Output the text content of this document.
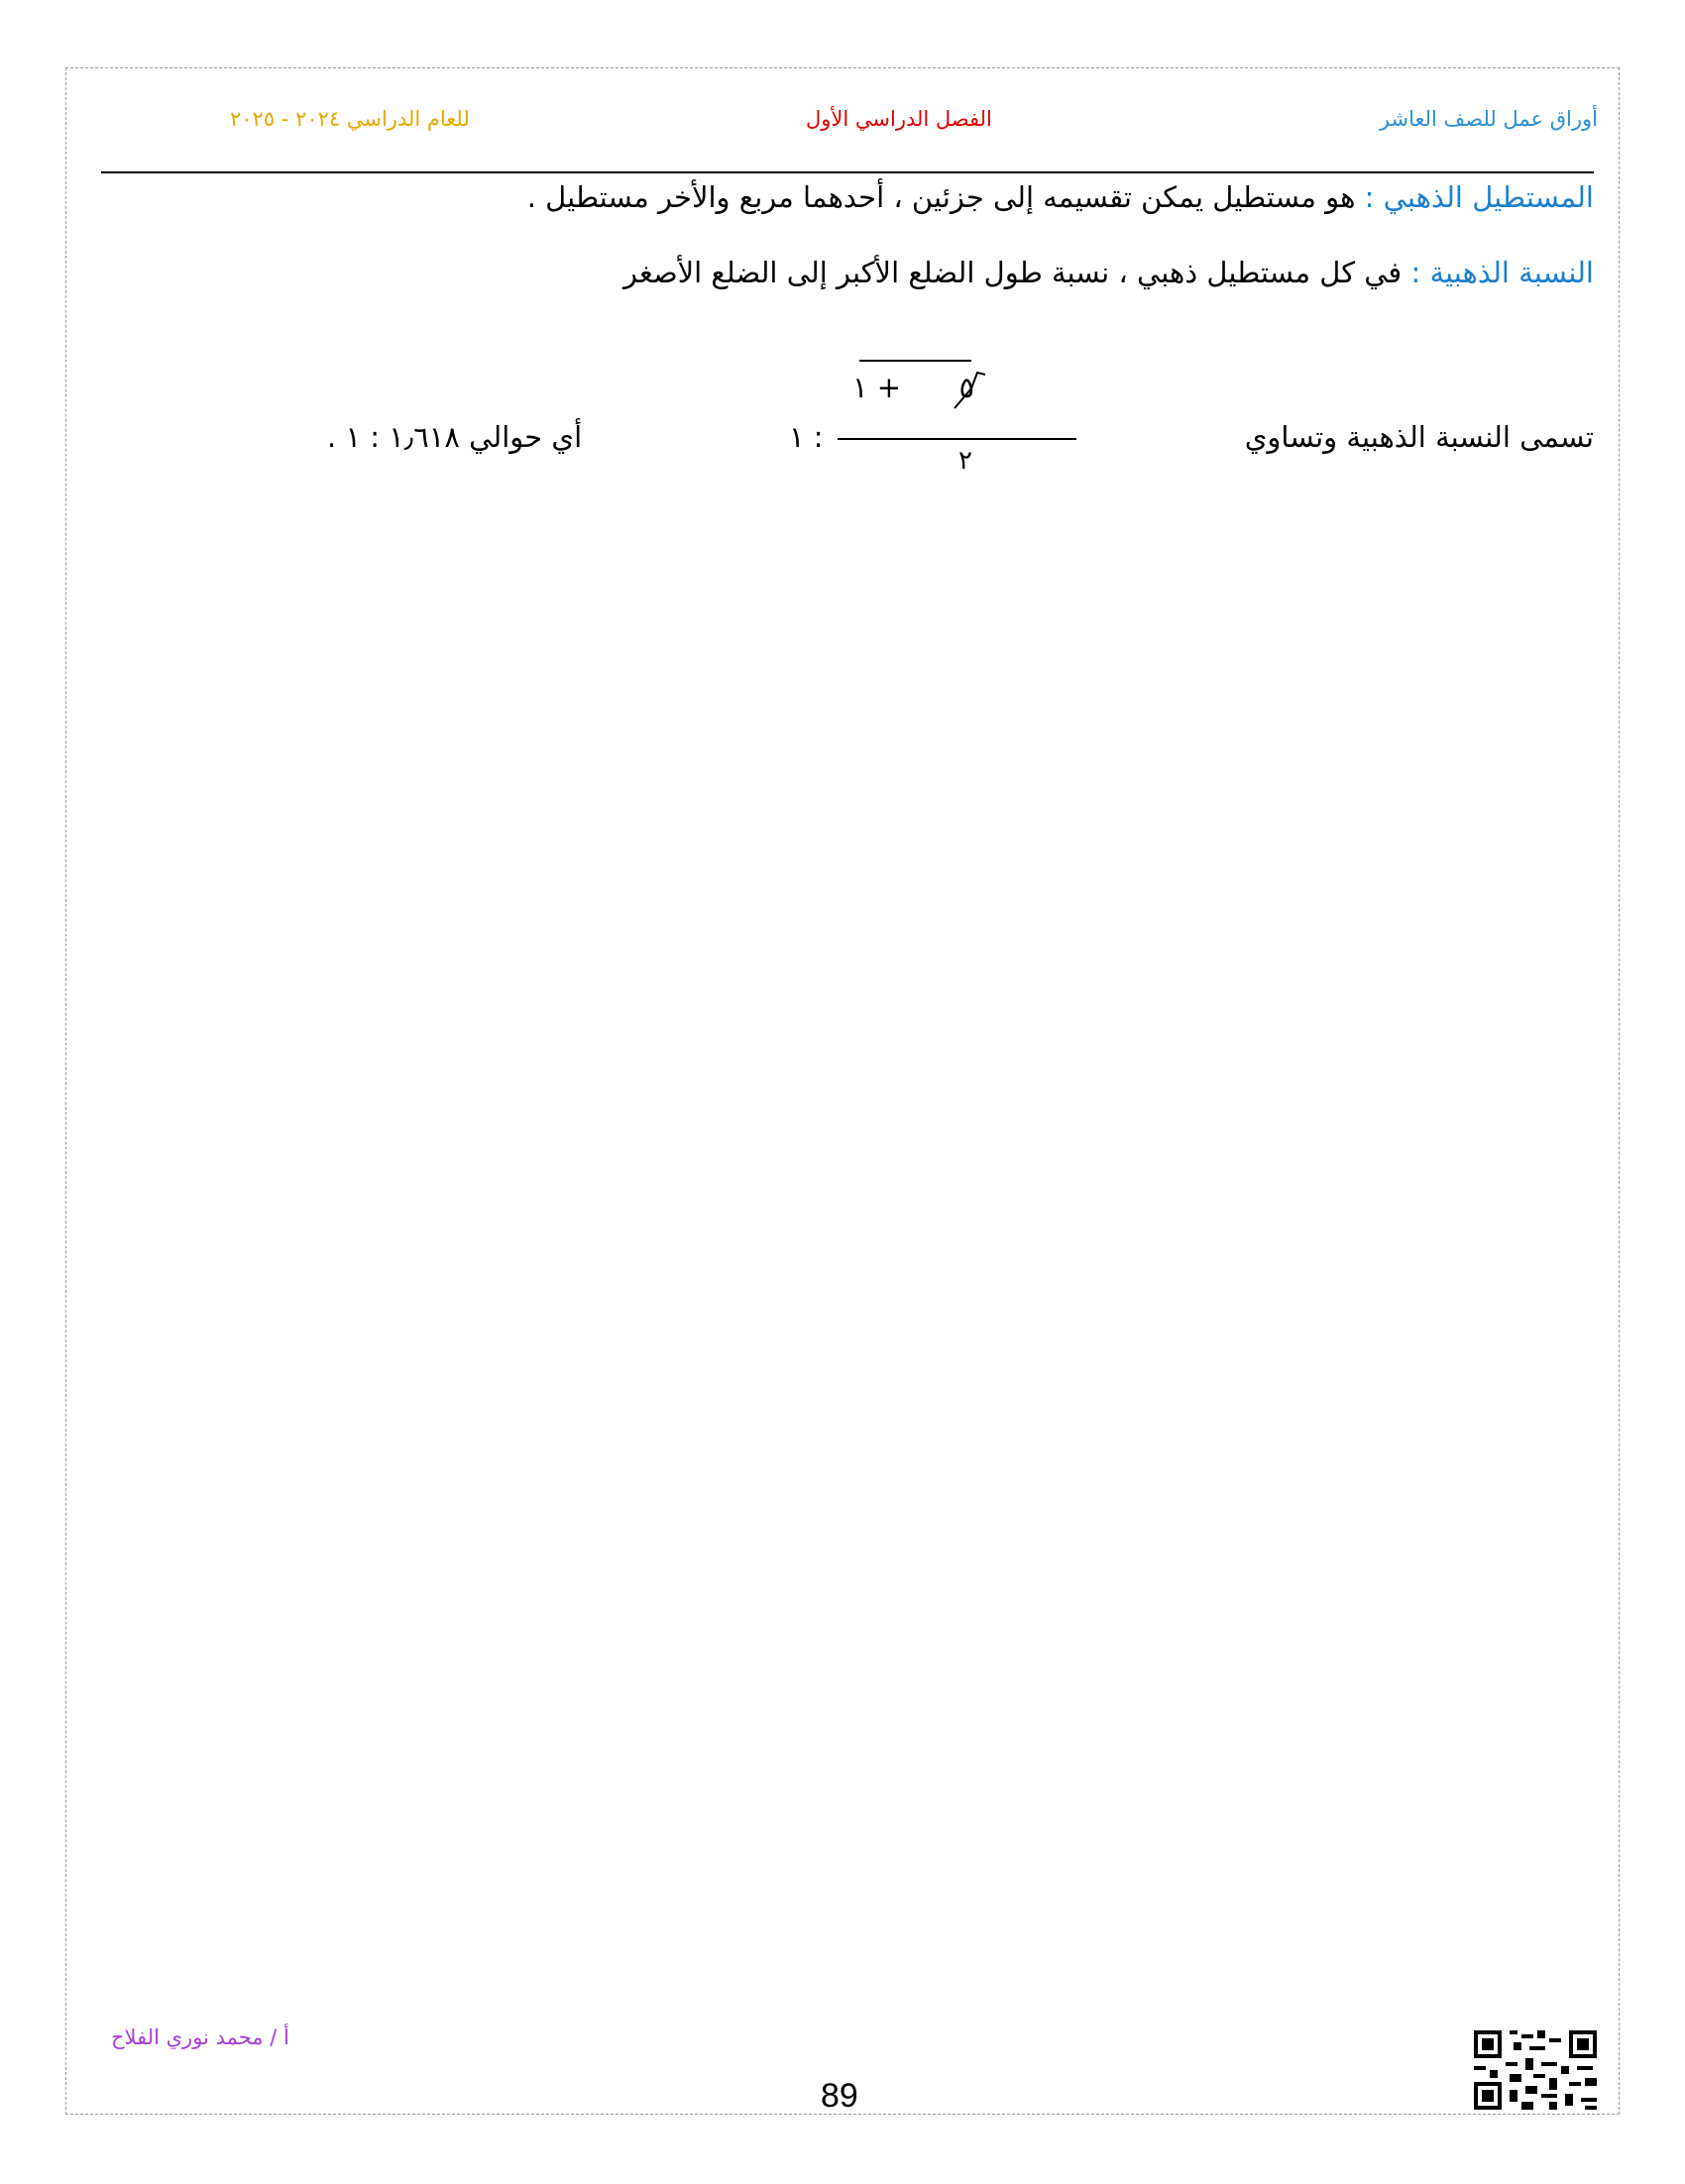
أوراق عمل للصف العاشر
الفصل الدراسي الأول
للعام الدراسي ٢٠٢٤ - ٢٠٢٥
المستطيل الذهبي : هو مستطيل يمكن تقسيمه إلى جزئين ، أحدهما مربع والأخر مستطيل .
النسبة الذهبية : في كل مستطيل ذهبي ، نسبة طول الضلع الأكبر إلى الضلع الأصغر
تسمى النسبة الذهبية وتساوي
٥  + ١
٢
: ١
أي حوالي ١٫٦١٨ : ١ .
أ / محمد نوري الفلاح
89
